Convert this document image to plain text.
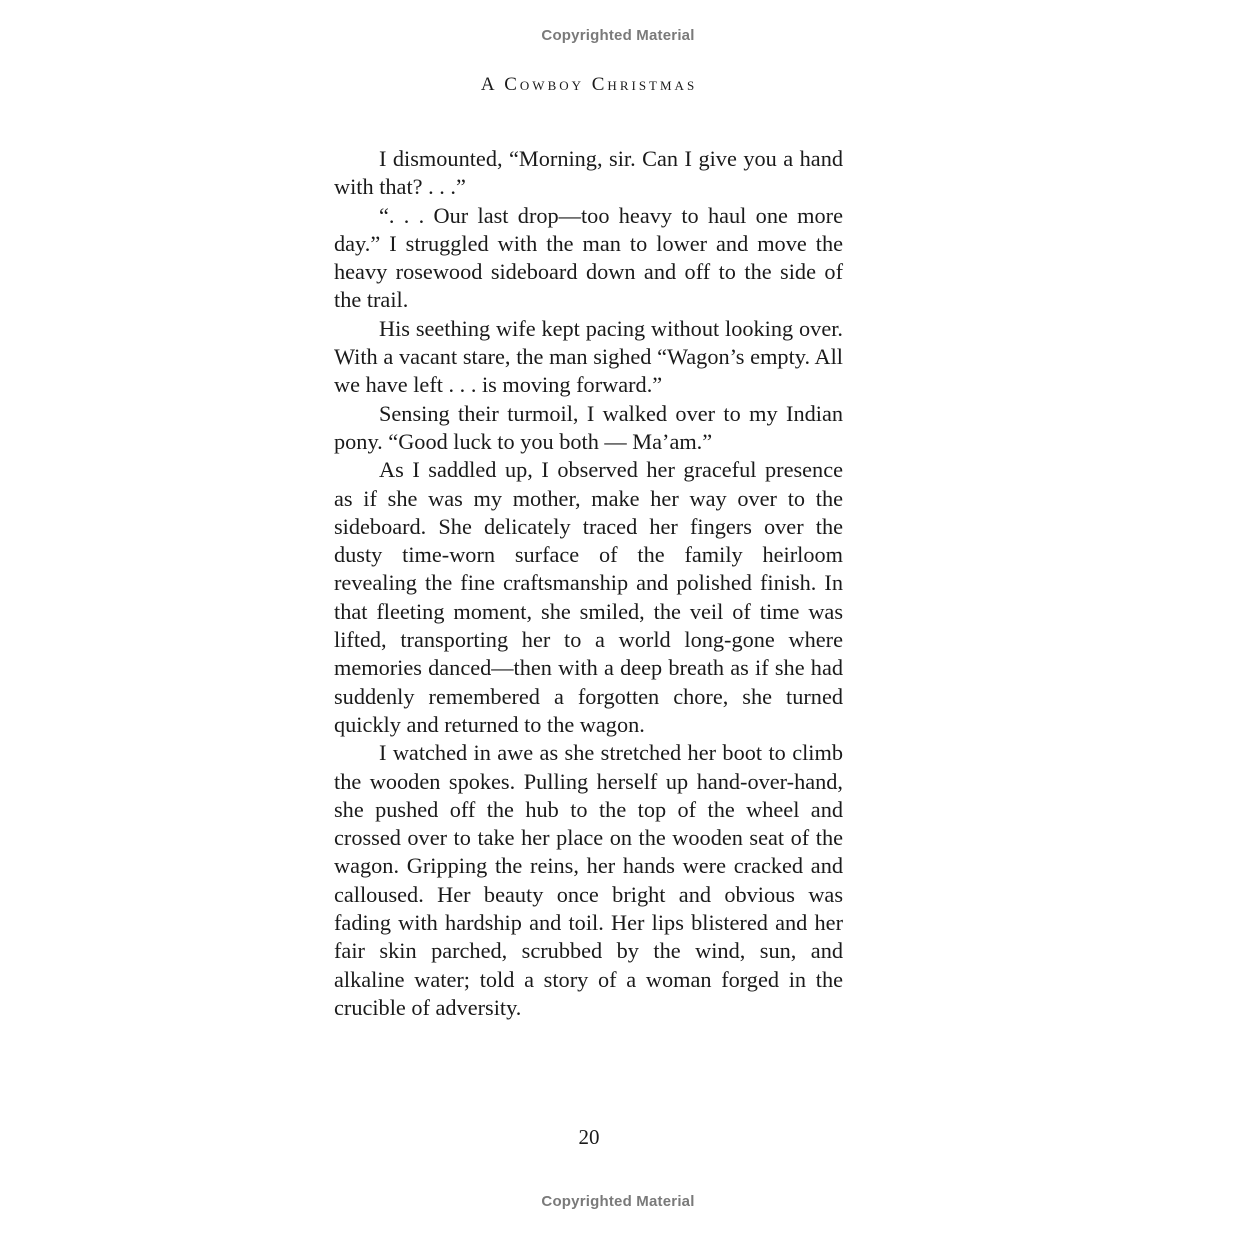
Copyrighted Material
A Cowboy Christmas

I dismounted, “Morning, sir. Can I give you a hand with that? . . .”

“. . . Our last drop—too heavy to haul one more day.” I struggled with the man to lower and move the heavy rosewood sideboard down and off to the side of the trail.

His seething wife kept pacing without looking over. With a vacant stare, the man sighed “Wagon’s empty. All we have left . . . is moving forward.”

Sensing their turmoil, I walked over to my Indian pony. “Good luck to you both — Ma’am.”

As I saddled up, I observed her graceful presence as if she was my mother, make her way over to the sideboard. She delicately traced her fingers over the dusty time-worn surface of the family heirloom revealing the fine craftsmanship and polished finish. In that fleeting moment, she smiled, the veil of time was lifted, transporting her to a world long-gone where memories danced—then with a deep breath as if she had suddenly remembered a forgotten chore, she turned quickly and returned to the wagon.

I watched in awe as she stretched her boot to climb the wooden spokes. Pulling herself up hand-over-hand, she pushed off the hub to the top of the wheel and crossed over to take her place on the wooden seat of the wagon. Gripping the reins, her hands were cracked and calloused. Her beauty once bright and obvious was fading with hardship and toil. Her lips blistered and her fair skin parched, scrubbed by the wind, sun, and alkaline water; told a story of a woman forged in the crucible of adversity.

20
Copyrighted Material
